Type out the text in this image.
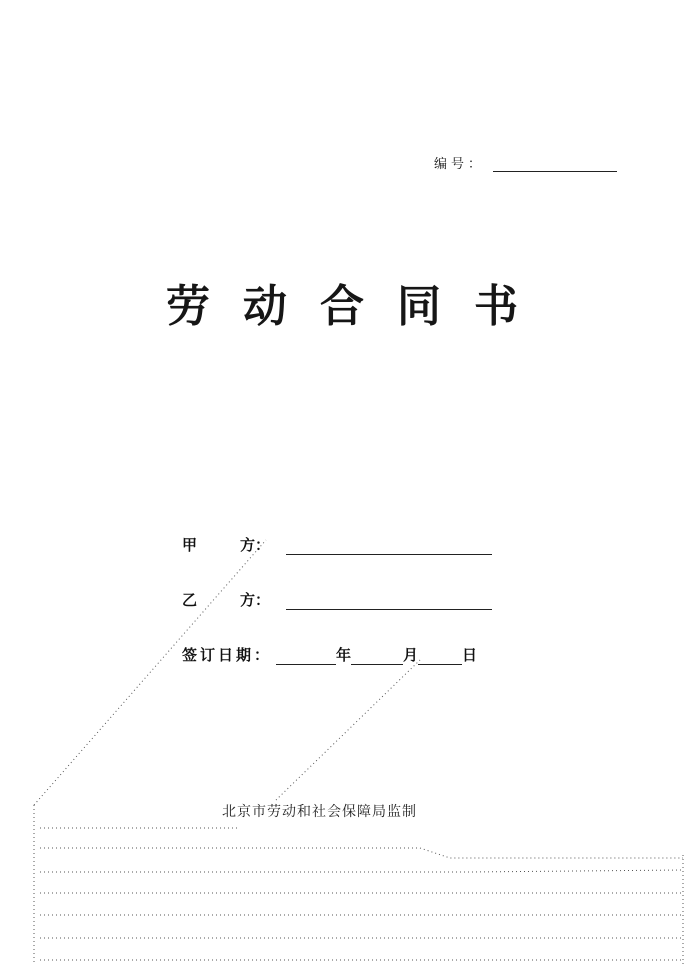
编号：
劳动合同书
甲	方：
乙	方：
签订日期：	年	月	日
北京市劳动和社会保障局监制
